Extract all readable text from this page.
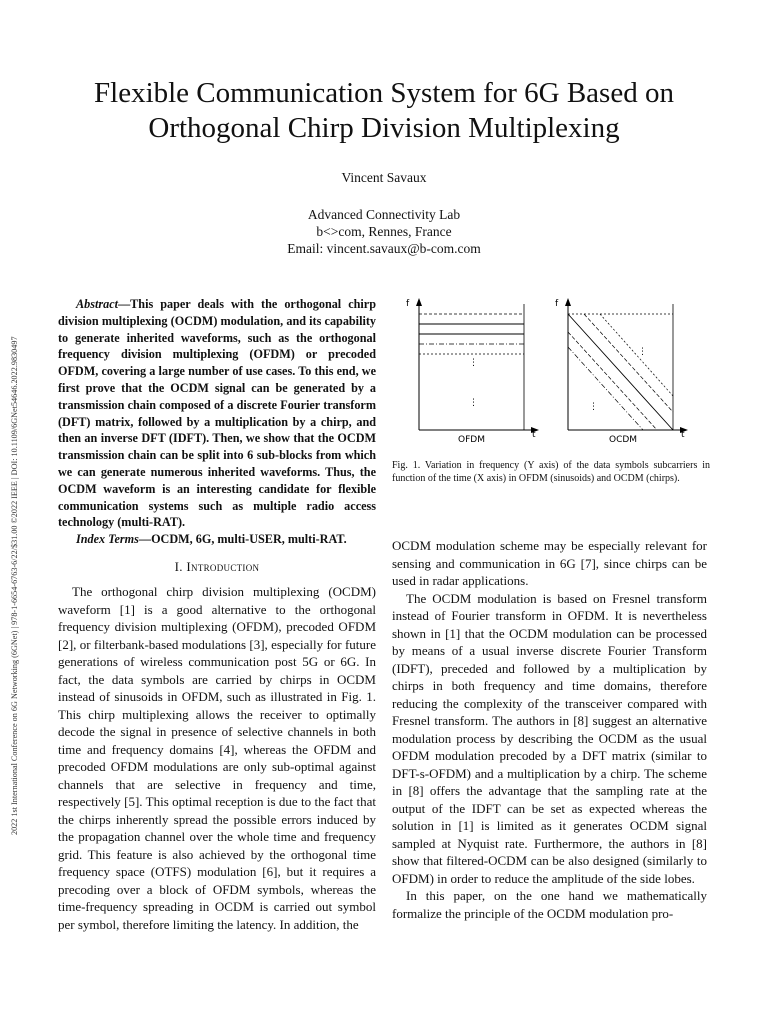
2022 1st International Conference on 6G Networking (6GNet) | 978-1-6654-6763-6/22/$31.00 ©2022 IEEE | DOI: 10.1109/6GNet54646.2022.9830497
Flexible Communication System for 6G Based on
Orthogonal Chirp Division Multiplexing
Vincent Savaux
Advanced Connectivity Lab
b<>com, Rennes, France
Email: vincent.savaux@b-com.com

Abstract—This paper deals with the orthogonal chirp division multiplexing (OCDM) modulation, and its capability to generate inherited waveforms, such as the orthogonal frequency division multiplexing (OFDM) or precoded OFDM, covering a large number of use cases. To this end, we first prove that the OCDM signal can be generated by a transmission chain composed of a discrete Fourier transform (DFT) matrix, followed by a multiplication by a chirp, and then an inverse DFT (IDFT). Then, we show that the OCDM transmission chain can be split into 6 sub-blocks from which we can generate numerous inherited waveforms. Thus, the OCDM waveform is an interesting candidate for flexible communication systems such as multiple radio access technology (multi-RAT).

Index Terms—OCDM, 6G, multi-USER, multi-RAT.

I. Introduction

The orthogonal chirp division multiplexing (OCDM) waveform [1] is a good alternative to the orthogonal frequency division multiplexing (OFDM), precoded OFDM [2], or filterbank-based modulations [3], especially for future generations of wireless communication post 5G or 6G. In fact, the data symbols are carried by chirps in OCDM instead of sinusoids in OFDM, such as illustrated in Fig. 1. This chirp multiplexing allows the receiver to optimally decode the signal in presence of selective channels in both time and frequency domains [4], whereas the OFDM and precoded OFDM modulations are only sub-optimal against channels that are selective in frequency and time, respectively [5]. This optimal reception is due to the fact that the chirps inherently spread the possible errors induced by the propagation channel over the whole time and frequency grid. This feature is also achieved by the orthogonal time frequency space (OTFS) modulation [6], but it requires a precoding over a block of OFDM symbols, whereas the time-frequency spreading in OCDM is carried out symbol per symbol, therefore limiting the latency. In addition, the

f
t
⋮
⋮
OFDM
f
t
⋮
⋮
OCDM
Fig. 1. Variation in frequency (Y axis) of the data symbols subcarriers in function of the time (X axis) in OFDM (sinusoids) and OCDM (chirps).

OCDM modulation scheme may be especially relevant for sensing and communication in 6G [7], since chirps can be used in radar applications.

The OCDM modulation is based on Fresnel transform instead of Fourier transform in OFDM. It is nevertheless shown in [1] that the OCDM modulation can be processed by means of a usual inverse discrete Fourier Transform (IDFT), preceded and followed by a multiplication by chirps in both frequency and time domains, therefore reducing the complexity of the transceiver compared with Fresnel transform. The authors in [8] suggest an alternative modulation process by describing the OCDM as the usual OFDM modulation precoded by a DFT matrix (similar to DFT-s-OFDM) and a multiplication by a chirp. The scheme in [8] offers the advantage that the sampling rate at the output of the IDFT can be set as expected whereas the solution in [1] is limited as it generates OCDM signal sampled at Nyquist rate. Furthermore, the authors in [8] show that filtered-OCDM can be also designed (similarly to OFDM) in order to reduce the amplitude of the side lobes.

In this paper, on the one hand we mathematically formalize the principle of the OCDM modulation pro-
